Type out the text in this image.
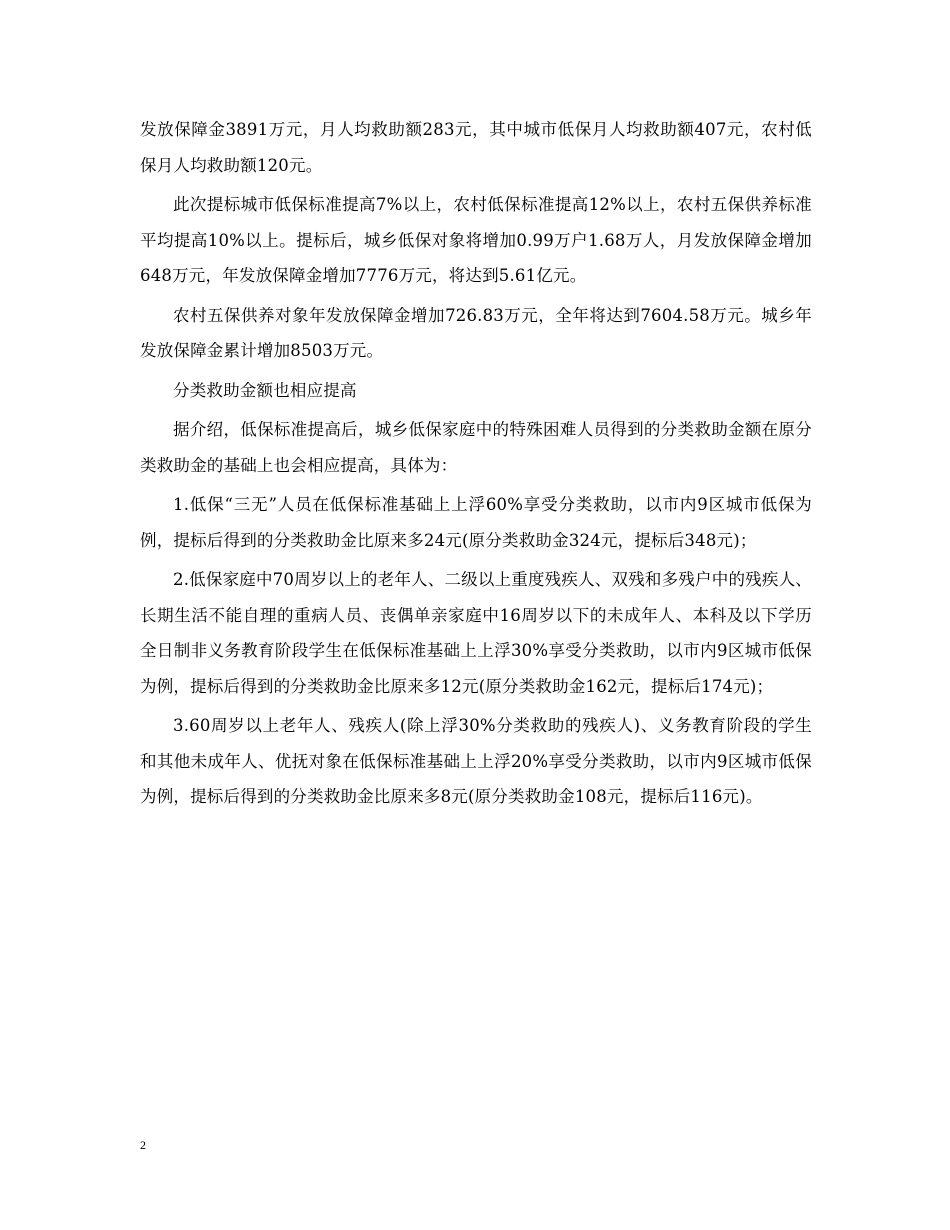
发放保障金3891万元，月人均救助额283元，其中城市低保月人均救助额407元，农村低保月人均救助额120元。

此次提标城市低保标准提高7%以上，农村低保标准提高12%以上，农村五保供养标准平均提高10%以上。提标后，城乡低保对象将增加0.99万户1.68万人，月发放保障金增加648万元，年发放保障金增加7776万元，将达到5.61亿元。

农村五保供养对象年发放保障金增加726.83万元，全年将达到7604.58万元。城乡年发放保障金累计增加8503万元。

分类救助金额也相应提高

据介绍，低保标准提高后，城乡低保家庭中的特殊困难人员得到的分类救助金额在原分类救助金的基础上也会相应提高，具体为：

1.低保“三无”人员在低保标准基础上上浮60%享受分类救助，以市内9区城市低保为例，提标后得到的分类救助金比原来多24元(原分类救助金324元，提标后348元)；

2.低保家庭中70周岁以上的老年人、二级以上重度残疾人、双残和多残户中的残疾人、长期生活不能自理的重病人员、丧偶单亲家庭中16周岁以下的未成年人、本科及以下学历全日制非义务教育阶段学生在低保标准基础上上浮30%享受分类救助，以市内9区城市低保为例，提标后得到的分类救助金比原来多12元(原分类救助金162元，提标后174元)；

3.60周岁以上老年人、残疾人(除上浮30%分类救助的残疾人)、义务教育阶段的学生和其他未成年人、优抚对象在低保标准基础上上浮20%享受分类救助，以市内9区城市低保为例，提标后得到的分类救助金比原来多8元(原分类救助金108元，提标后116元)。

2
